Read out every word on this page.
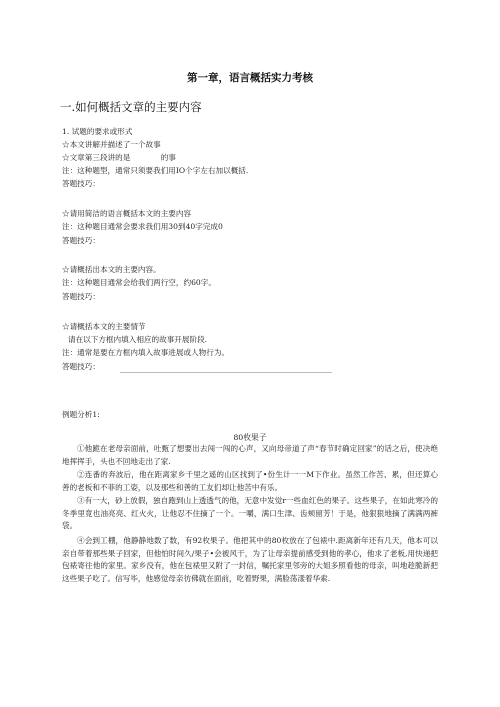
第一章，语言概括实力考核
一.如何概括文章的主要内容
1. 试题的要求或形式
☆本文讲解并描述了一个故事
☆文章第三段讲的是　　　　的事
注：这种题型，通常只须要我们用IO个字左右加以概括.
答题技巧：
☆请用简洁的语言概括本文的主要内容
注：这种题目通常会要求我们用30到40字完成0
答题技巧：
☆请概括出本文的主要内容。
注：这种题目通常会给我们两行空，约60字。
答题技巧：
☆请概括本文的主要情节
请在以下方框内填入相应的故事开展阶段.
注：通常是要在方框内填入故事进展或人物行为。
答题技巧：
例题分析1:
80枚果子

①他跪在老母亲面前，吐甄了想要出去闯一闯的心声，又向母帝道了声“春节时确定回家”的话之后，使决绝地挥挥手，头也不回地走出了家.

②连番的奔波后，他在距离家乡千里之遥的山区找到了•份生计一一M下作业。虽然工作苦、累，但还算心善的老板和不菲的工姿，以及那些和善的工友们却让他苦中有乐。

③有一大，砂上放假，独自跑到山上透透气的他，无意中发觉r一些血红色的果子。这些果子，在如此寒冷的冬季里竟也油亮亮、红火火，让他忍不住摘了一个。一嚼，满口生津、齿颊留芳！于是，他狠狠地摘了满满两裤袋。

④会到工棚，他静静地数了数，有92枚果子。他把其中的80枚放在了包裱中.距离新年还有几天，他本可以亲自带着那些果子回家，但他怕时间久/果子•会被风干，为了让母亲提前感受到他的孝心，他求了老板,用快递把包裱寄往他的家里。家乡没有，他在包裱里又附了一封信，嘱托家里邻旁的大姐多照看他的母亲，叫地趁脆新把这些果子吃了。信写毕，他感觉母亲彷佛就在面前，吃着野果，满脸荡漾着华索.
